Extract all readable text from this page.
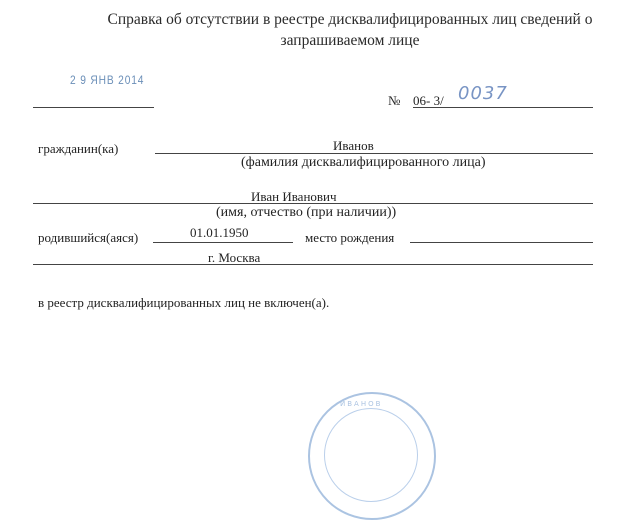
Справка об отсутствии в реестре дисквалифицированных лиц сведений о
запрашиваемом лице
2 9 ЯНВ 2014
№ 06- 3/ 0037
гражданин(ка)	Иванов
(фамилия дисквалифицированного лица)
Иван Иванович
(имя, отчество (при наличии))
родившийся(аяся)	01.01.1950	место рождения
г. Москва
в реестр дисквалифицированных лиц не включен(а).
ИВАНОВ
